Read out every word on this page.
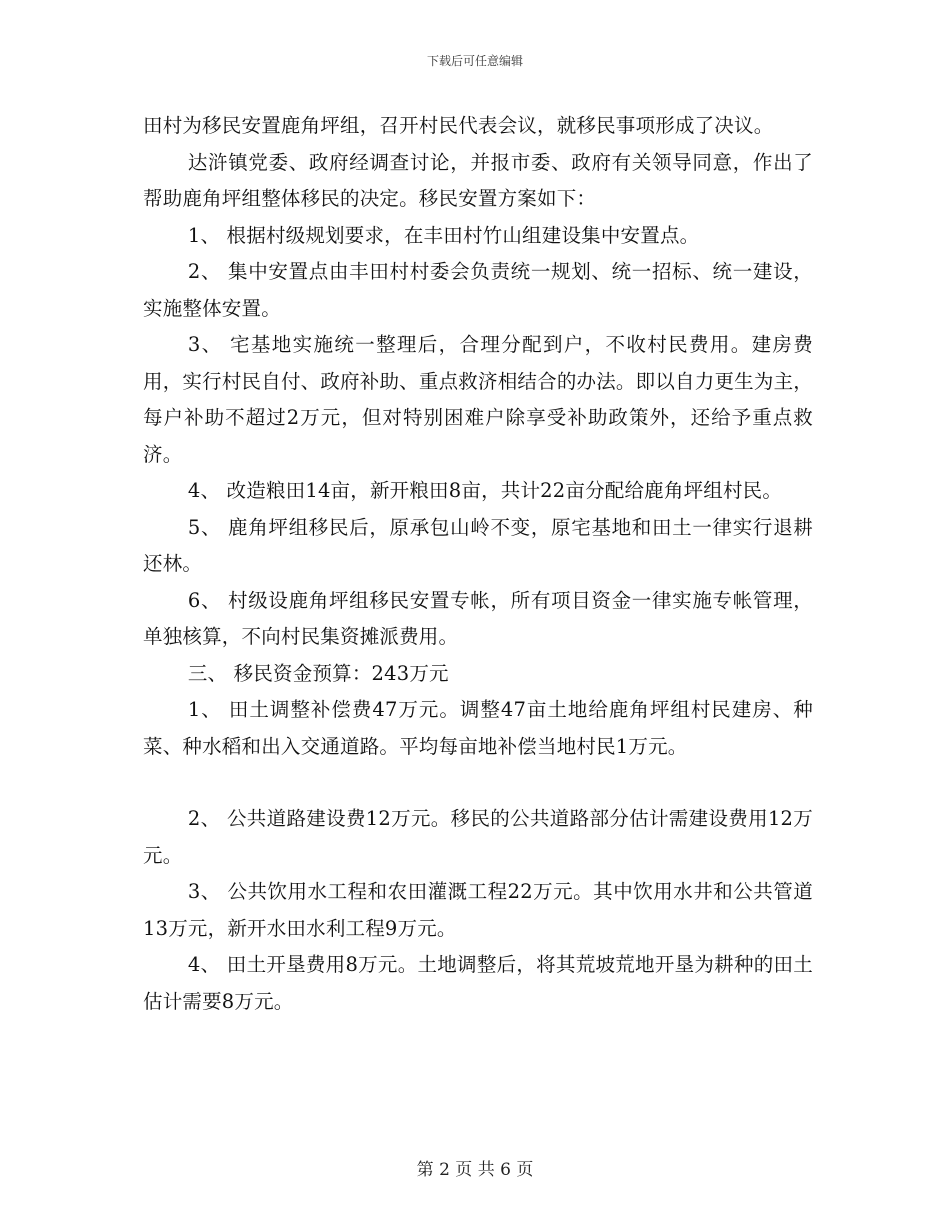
下载后可任意编辑

田村为移民安置鹿角坪组，召开村民代表会议，就移民事项形成了决议。

达浒镇党委、政府经调查讨论，并报市委、政府有关领导同意，作出了帮助鹿角坪组整体移民的决定。移民安置方案如下：

1、 根据村级规划要求，在丰田村竹山组建设集中安置点。

2、 集中安置点由丰田村村委会负责统一规划、统一招标、统一建设，实施整体安置。

3、 宅基地实施统一整理后，合理分配到户，不收村民费用。建房费用，实行村民自付、政府补助、重点救济相结合的办法。即以自力更生为主，每户补助不超过2万元，但对特别困难户除享受补助政策外，还给予重点救济。

4、 改造粮田14亩，新开粮田8亩，共计22亩分配给鹿角坪组村民。

5、 鹿角坪组移民后，原承包山岭不变，原宅基地和田土一律实行退耕还林。

6、 村级设鹿角坪组移民安置专帐，所有项目资金一律实施专帐管理，单独核算，不向村民集资摊派费用。

三、 移民资金预算：243万元

1、 田土调整补偿费47万元。调整47亩土地给鹿角坪组村民建房、种菜、种水稻和出入交通道路。平均每亩地补偿当地村民1万元。

2、 公共道路建设费12万元。移民的公共道路部分估计需建设费用12万元。

3、 公共饮用水工程和农田灌溉工程22万元。其中饮用水井和公共管道13万元，新开水田水利工程9万元。

4、 田土开垦费用8万元。土地调整后，将其荒坡荒地开垦为耕种的田土估计需要8万元。

第 2 页 共 6 页
